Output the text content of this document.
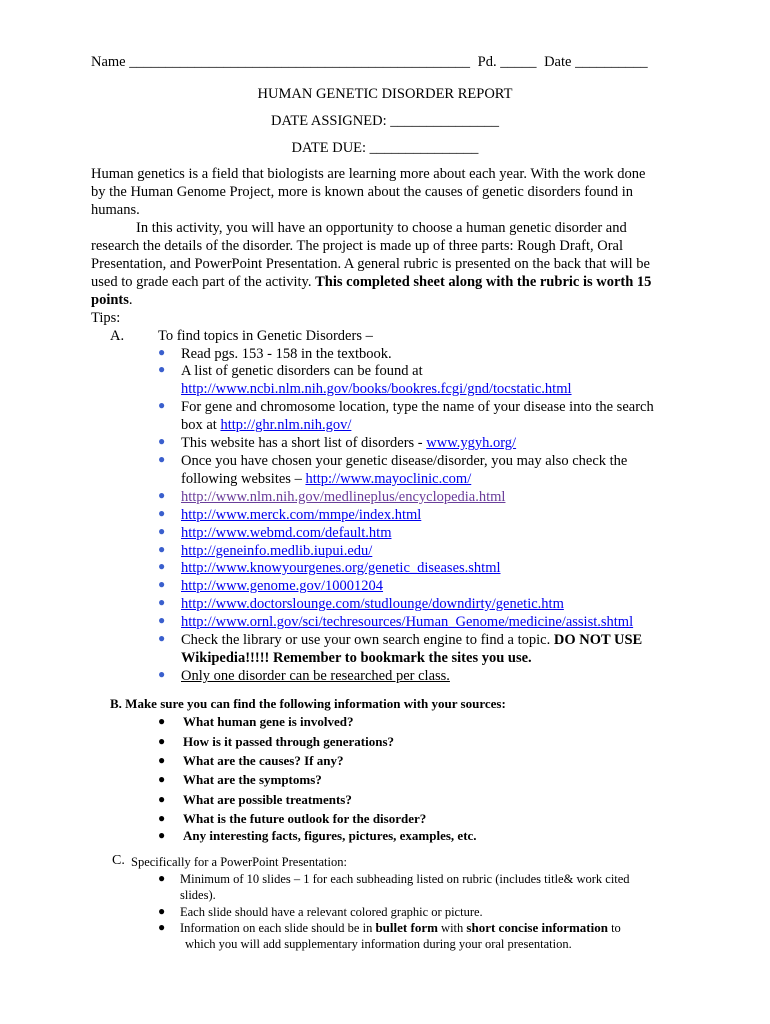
Name _______________________________________________ Pd. _____ Date __________
HUMAN GENETIC DISORDER REPORT
DATE ASSIGNED: _______________
DATE DUE: _______________
Human genetics is a field that biologists are learning more about each year. With the work done
by the Human Genome Project, more is known about the causes of genetic disorders found in
humans.
In this activity, you will have an opportunity to choose a human genetic disorder and
research the details of the disorder. The project is made up of three parts: Rough Draft, Oral
Presentation, and PowerPoint Presentation. A general rubric is presented on the back that will be
used to grade each part of the activity. This completed sheet along with the rubric is worth 15
points.
Tips:
A. To find topics in Genetic Disorders –
● Read pgs. 153 - 158 in the textbook.
● A list of genetic disorders can be found at
http://www.ncbi.nlm.nih.gov/books/bookres.fcgi/gnd/tocstatic.html
● For gene and chromosome location, type the name of your disease into the search
box at http://ghr.nlm.nih.gov/
● This website has a short list of disorders - www.ygyh.org/
● Once you have chosen your genetic disease/disorder, you may also check the
following websites – http://www.mayoclinic.com/
● http://www.nlm.nih.gov/medlineplus/encyclopedia.html
● http://www.merck.com/mmpe/index.html
● http://www.webmd.com/default.htm
● http://geneinfo.medlib.iupui.edu/
● http://www.knowyourgenes.org/genetic_diseases.shtml
● http://www.genome.gov/10001204
● http://www.doctorslounge.com/studlounge/downdirty/genetic.htm
● http://www.ornl.gov/sci/techresources/Human_Genome/medicine/assist.shtml
● Check the library or use your own search engine to find a topic. DO NOT USE
Wikipedia!!!!! Remember to bookmark the sites you use.
● Only one disorder can be researched per class.
B. Make sure you can find the following information with your sources:
● What human gene is involved?
● How is it passed through generations?
● What are the causes? If any?
● What are the symptoms?
● What are possible treatments?
● What is the future outlook for the disorder?
● Any interesting facts, figures, pictures, examples, etc.
C. Specifically for a PowerPoint Presentation:
● Minimum of 10 slides – 1 for each subheading listed on rubric (includes title& work cited
slides).
● Each slide should have a relevant colored graphic or picture.
● Information on each slide should be in bullet form with short concise information to
which you will add supplementary information during your oral presentation.
